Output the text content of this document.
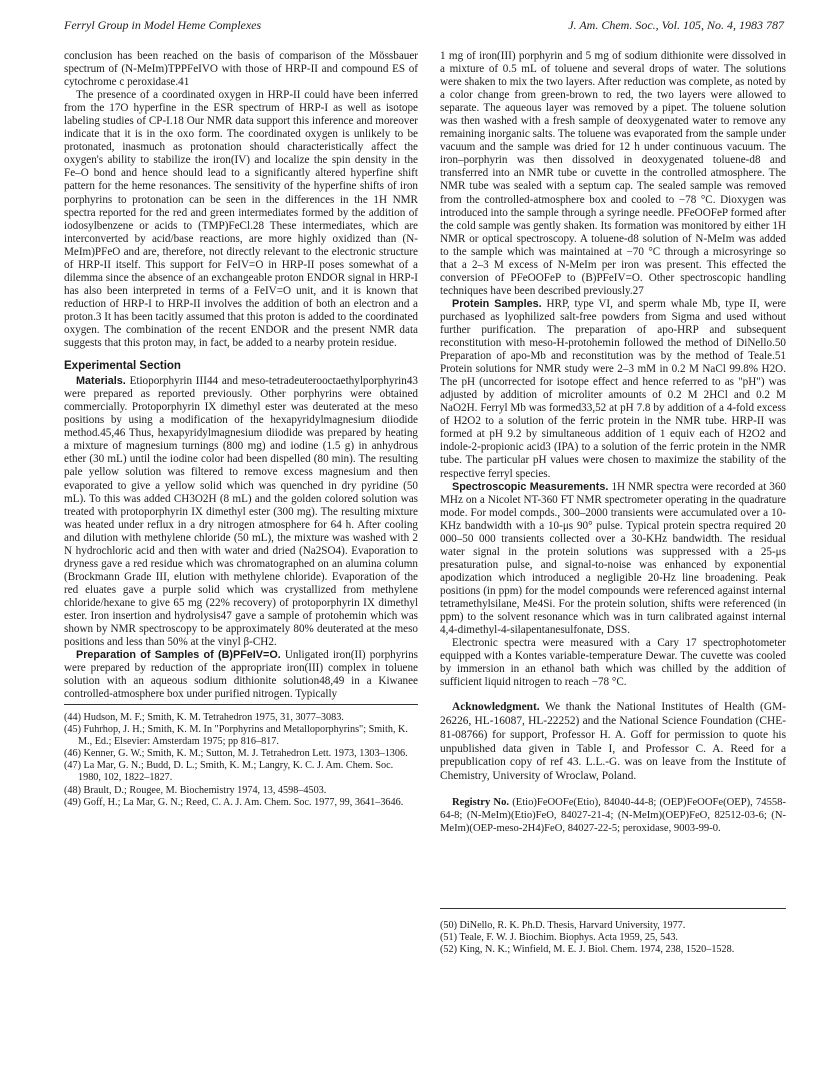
Ferryl Group in Model Heme Complexes	J. Am. Chem. Soc., Vol. 105, No. 4, 1983 787

conclusion has been reached on the basis of comparison of the Mössbauer spectrum of (N-MeIm)TPPFeIVO with those of HRP-II and compound ES of cytochrome c peroxidase.41

The presence of a coordinated oxygen in HRP-II could have been inferred from the 17O hyperfine in the ESR spectrum of HRP-I as well as isotope labeling studies of CP-I.18 Our NMR data support this inference and moreover indicate that it is in the oxo form. The coordinated oxygen is unlikely to be protonated, inasmuch as protonation should characteristically affect the oxygen's ability to stabilize the iron(IV) and localize the spin density in the Fe–O bond and hence should lead to a significantly altered hyperfine shift pattern for the heme resonances. The sensitivity of the hyperfine shifts of iron porphyrins to protonation can be seen in the differences in the 1H NMR spectra reported for the red and green intermediates formed by the addition of iodosylbenzene or acids to (TMP)FeCl.28 These intermediates, which are interconverted by acid/base reactions, are more highly oxidized than (N-MeIm)PFeO and are, therefore, not directly relevant to the electronic structure of HRP-II itself. This support for FeIV=O in HRP-II poses somewhat of a dilemma since the absence of an exchangeable proton ENDOR signal in HRP-I has also been interpreted in terms of a FeIV=O unit, and it is known that reduction of HRP-I to HRP-II involves the addition of both an electron and a proton.3 It has been tacitly assumed that this proton is added to the coordinated oxygen. The combination of the recent ENDOR and the present NMR data suggests that this proton may, in fact, be added to a nearby protein residue.

Experimental Section

Materials. Etioporphyrin III44 and meso-tetradeuterooctaethylporphyrin43 were prepared as reported previously. Other porphyrins were obtained commercially. Protoporphyrin IX dimethyl ester was deuterated at the meso positions by using a modification of the hexapyridylmagnesium diiodide method.45,46 Thus, hexapyridylmagnesium diiodide was prepared by heating a mixture of magnesium turnings (800 mg) and iodine (1.5 g) in anhydrous ether (30 mL) until the iodine color had been dispelled (80 min). The resulting pale yellow solution was filtered to remove excess magnesium and then evaporated to give a yellow solid which was quenched in dry pyridine (50 mL). To this was added CH3O2H (8 mL) and the golden colored solution was treated with protoporphyrin IX dimethyl ester (300 mg). The resulting mixture was heated under reflux in a dry nitrogen atmosphere for 64 h. After cooling and dilution with methylene chloride (50 mL), the mixture was washed with 2 N hydrochloric acid and then with water and dried (Na2SO4). Evaporation to dryness gave a red residue which was chromatographed on an alumina column (Brockmann Grade III, elution with methylene chloride). Evaporation of the red eluates gave a purple solid which was crystallized from methylene chloride/hexane to give 65 mg (22% recovery) of protoporphyrin IX dimethyl ester. Iron insertion and hydrolysis47 gave a sample of protohemin which was shown by NMR spectroscopy to be approximately 80% deuterated at the meso positions and less than 50% at the vinyl β-CH2.

Preparation of Samples of (B)PFeIV=O. Unligated iron(II) porphyrins were prepared by reduction of the appropriate iron(III) complex in toluene solution with an aqueous sodium dithionite solution48,49 in a Kiwanee controlled-atmosphere box under purified nitrogen. Typically

(44) Hudson, M. F.; Smith, K. M. Tetrahedron 1975, 31, 3077–3083.
(45) Fuhrhop, J. H.; Smith, K. M. In "Porphyrins and Metalloporphyrins"; Smith, K. M., Ed.; Elsevier: Amsterdam 1975; pp 816–817.
(46) Kenner, G. W.; Smith, K. M.; Sutton, M. J. Tetrahedron Lett. 1973, 1303–1306.
(47) La Mar, G. N.; Budd, D. L.; Smith, K. M.; Langry, K. C. J. Am. Chem. Soc. 1980, 102, 1822–1827.
(48) Brault, D.; Rougee, M. Biochemistry 1974, 13, 4598–4503.
(49) Goff, H.; La Mar, G. N.; Reed, C. A. J. Am. Chem. Soc. 1977, 99, 3641–3646.

1 mg of iron(III) porphyrin and 5 mg of sodium dithionite were dissolved in a mixture of 0.5 mL of toluene and several drops of water. The solutions were shaken to mix the two layers. After reduction was complete, as noted by a color change from green-brown to red, the two layers were allowed to separate. The aqueous layer was removed by a pipet. The toluene solution was then washed with a fresh sample of deoxygenated water to remove any remaining inorganic salts. The toluene was evaporated from the sample under vacuum and the sample was dried for 12 h under continuous vacuum. The iron–porphyrin was then dissolved in deoxygenated toluene-d8 and transferred into an NMR tube or cuvette in the controlled atmosphere. The NMR tube was sealed with a septum cap. The sealed sample was removed from the controlled-atmosphere box and cooled to −78 °C. Dioxygen was introduced into the sample through a syringe needle. PFeOOFeP formed after the cold sample was gently shaken. Its formation was monitored by either 1H NMR or optical spectroscopy. A toluene-d8 solution of N-MeIm was added to the sample which was maintained at −70 °C through a microsyringe so that a 2–3 M excess of N-MeIm per iron was present. This effected the conversion of PFeOOFeP to (B)PFeIV=O. Other spectroscopic handling techniques have been described previously.27

Protein Samples. HRP, type VI, and sperm whale Mb, type II, were purchased as lyophilized salt-free powders from Sigma and used without further purification. The preparation of apo-HRP and subsequent reconstitution with meso-H-protohemin followed the method of DiNello.50 Preparation of apo-Mb and reconstitution was by the method of Teale.51 Protein solutions for NMR study were 2–3 mM in 0.2 M NaCl 99.8% H2O. The pH (uncorrected for isotope effect and hence referred to as "pH") was adjusted by addition of microliter amounts of 0.2 M 2HCl and 0.2 M NaO2H. Ferryl Mb was formed33,52 at pH 7.8 by addition of a 4-fold excess of H2O2 to a solution of the ferric protein in the NMR tube. HRP-II was formed at pH 9.2 by simultaneous addition of 1 equiv each of H2O2 and indole-2-propionic acid3 (IPA) to a solution of the ferric protein in the NMR tube. The particular pH values were chosen to maximize the stability of the respective ferryl species.

Spectroscopic Measurements. 1H NMR spectra were recorded at 360 MHz on a Nicolet NT-360 FT NMR spectrometer operating in the quadrature mode. For model compds., 300–2000 transients were accumulated over a 10-KHz bandwidth with a 10-μs 90° pulse. Typical protein spectra required 20 000–50 000 transients collected over a 30-KHz bandwidth. The residual water signal in the protein solutions was suppressed with a 25-μs presaturation pulse, and signal-to-noise was enhanced by exponential apodization which introduced a negligible 20-Hz line broadening. Peak positions (in ppm) for the model compounds were referenced against internal tetramethylsilane, Me4Si. For the protein solution, shifts were referenced (in ppm) to the solvent resonance which was in turn calibrated against internal 4,4-dimethyl-4-silapentanesulfonate, DSS.

Electronic spectra were measured with a Cary 17 spectrophotometer equipped with a Kontes variable-temperature Dewar. The cuvette was cooled by immersion in an ethanol bath which was chilled by the addition of sufficient liquid nitrogen to reach −78 °C.

Acknowledgment. We thank the National Institutes of Health (GM-26226, HL-16087, HL-22252) and the National Science Foundation (CHE-81-08766) for support, Professor H. A. Goff for permission to quote his unpublished data given in Table I, and Professor C. A. Reed for a prepublication copy of ref 43. L.L.-G. was on leave from the Institute of Chemistry, University of Wroclaw, Poland.

Registry No. (Etio)FeOOFe(Etio), 84040-44-8; (OEP)FeOOFe(OEP), 74558-64-8; (N-MeIm)(Etio)FeO, 84027-21-4; (N-MeIm)(OEP)FeO, 82512-03-6; (N-MeIm)(OEP-meso-2H4)FeO, 84027-22-5; peroxidase, 9003-99-0.

(50) DiNello, R. K. Ph.D. Thesis, Harvard University, 1977.
(51) Teale, F. W. J. Biochim. Biophys. Acta 1959, 25, 543.
(52) King, N. K.; Winfield, M. E. J. Biol. Chem. 1974, 238, 1520–1528.
